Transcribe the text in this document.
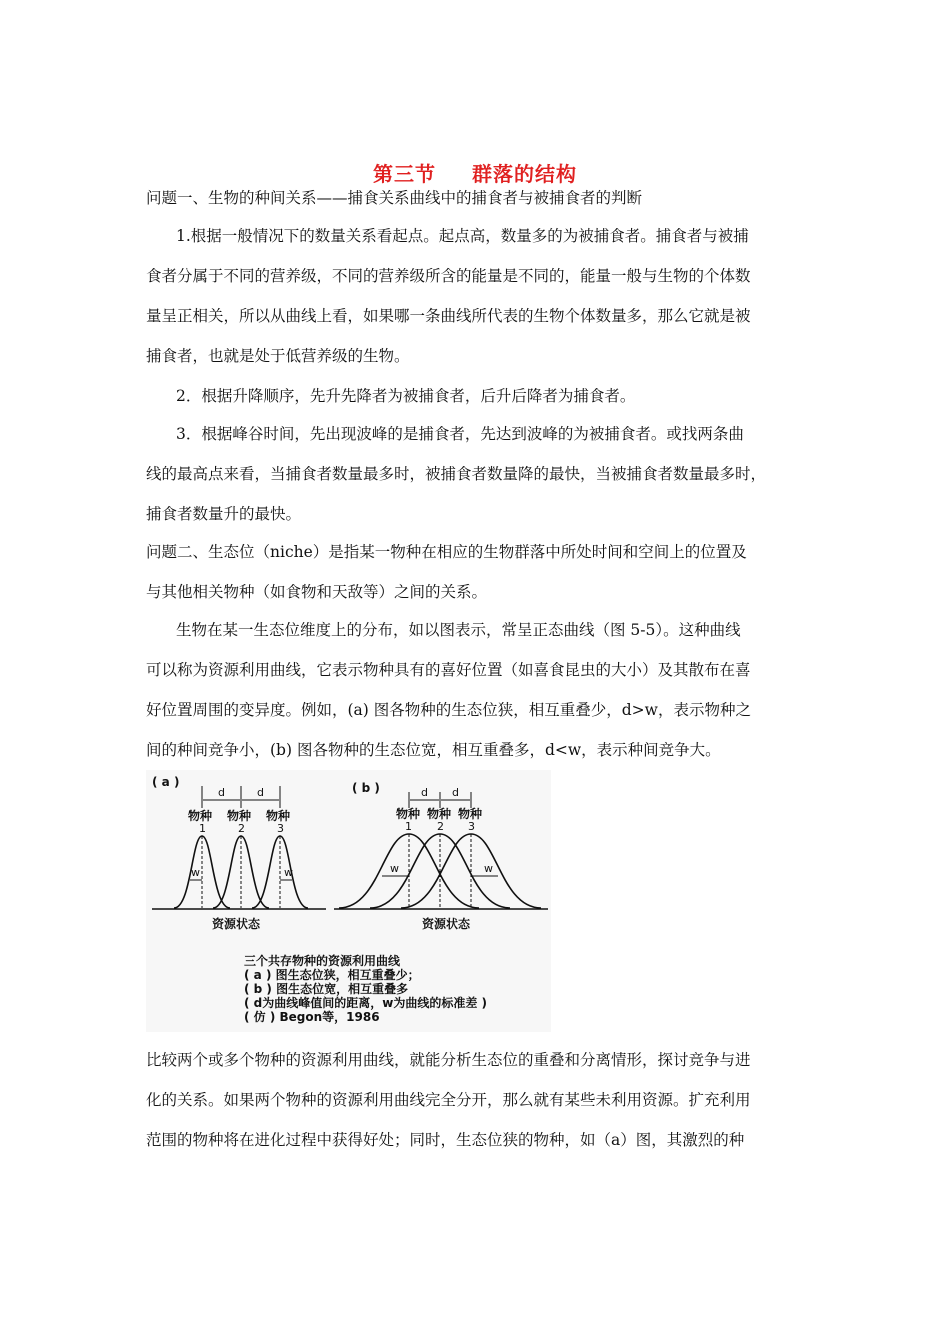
第三节 群落的结构
问题一、生物的种间关系——捕食关系曲线中的捕食者与被捕食者的判断
1.根据一般情况下的数量关系看起点。起点高，数量多的为被捕食者。捕食者与被捕
食者分属于不同的营养级，不同的营养级所含的能量是不同的，能量一般与生物的个体数
量呈正相关，所以从曲线上看，如果哪一条曲线所代表的生物个体数量多，那么它就是被
捕食者，也就是处于低营养级的生物。
2．根据升降顺序，先升先降者为被捕食者，后升后降者为捕食者。
3．根据峰谷时间，先出现波峰的是捕食者，先达到波峰的为被捕食者。或找两条曲
线的最高点来看，当捕食者数量最多时，被捕食者数量降的最快，当被捕食者数量最多时，
捕食者数量升的最快。
问题二、生态位（niche）是指某一物种在相应的生物群落中所处时间和空间上的位置及
与其他相关物种（如食物和天敌等）之间的关系。
生物在某一生态位维度上的分布，如以图表示，常呈正态曲线（图 5-5）。这种曲线
可以称为资源利用曲线，它表示物种具有的喜好位置（如喜食昆虫的大小）及其散布在喜
好位置周围的变异度。例如，(a) 图各物种的生态位狭，相互重叠少，d>w，表示物种之
间的种间竞争小，(b) 图各物种的生态位宽，相互重叠多，d<w，表示种间竞争大。
( a )	( b )
d	d
物种 物种 物种
1	2	3
w	w
资源状态
d d
物种 物种 物种
1 2 3
w	w
资源状态
三个共存物种的资源利用曲线
( a ) 图生态位狭，相互重叠少；
( b ) 图生态位宽，相互重叠多
( d为曲线峰值间的距离，w为曲线的标准差 )
( 仿 ) Begon等，1986
比较两个或多个物种的资源利用曲线，就能分析生态位的重叠和分离情形，探讨竞争与进
化的关系。如果两个物种的资源利用曲线完全分开，那么就有某些未利用资源。扩充利用
范围的物种将在进化过程中获得好处；同时，生态位狭的物种，如（a）图，其激烈的种
